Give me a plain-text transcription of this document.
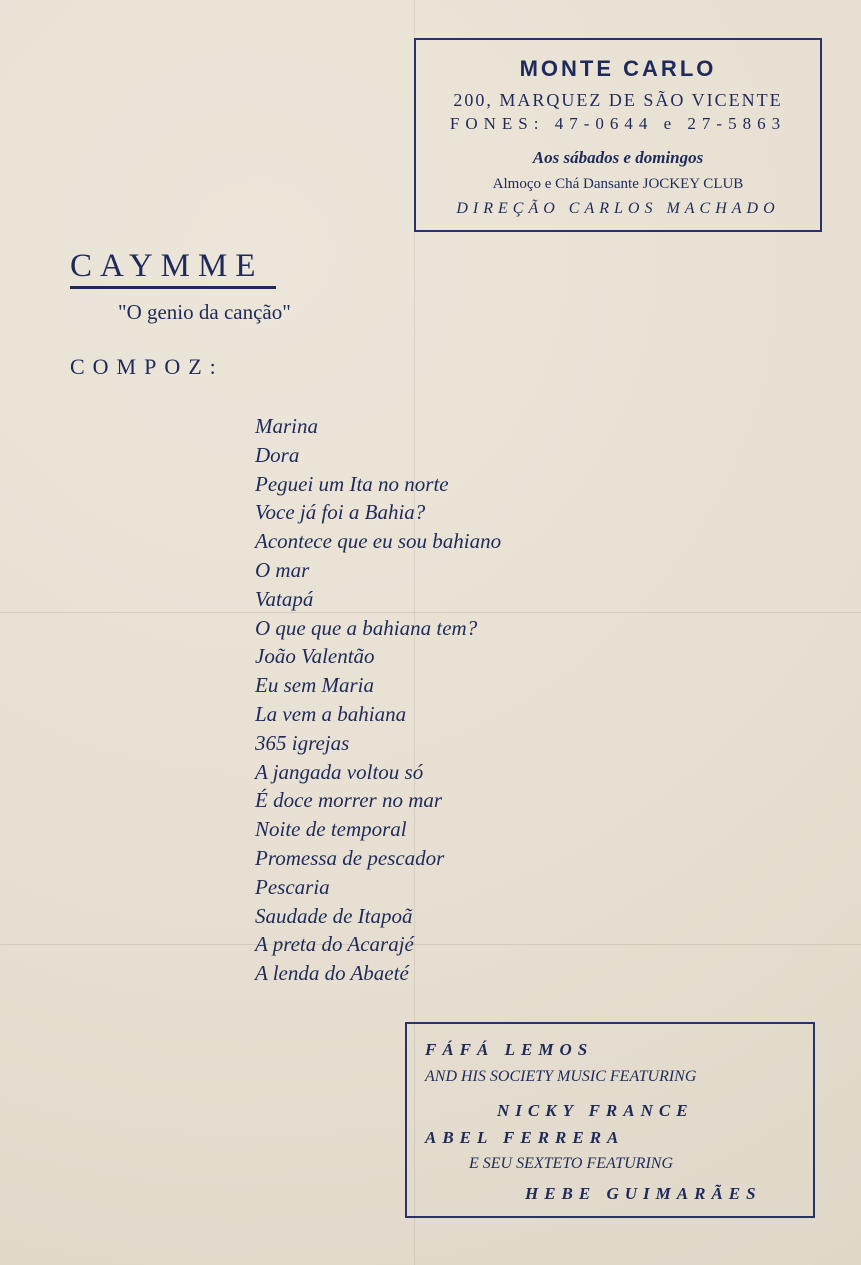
MONTE CARLO
200, MARQUEZ DE SÃO VICENTE
FONES: 47-0644 e 27-5863
Aos sábados e domingos
Almoço e Chá Dansante JOCKEY CLUB
DIREÇÃO CARLOS MACHADO
CAYMME
"O genio da canção"
COMPOZ:
Marina
Dora
Peguei um Ita no norte
Voce já foi a Bahia?
Acontece que eu sou bahiano
O mar
Vatapá
O que que a bahiana tem?
João Valentão
Eu sem Maria
La vem a bahiana
365 igrejas
A jangada voltou só
É doce morrer no mar
Noite de temporal
Promessa de pescador
Pescaria
Saudade de Itapoã
A preta do Acarajé
A lenda do Abaeté
FÁFÁ LEMOS
AND HIS SOCIETY MUSIC FEATURING
NICKY FRANCE
ABEL FERRERA
E SEU SEXTETO FEATURING
HEBE GUIMARÃES
